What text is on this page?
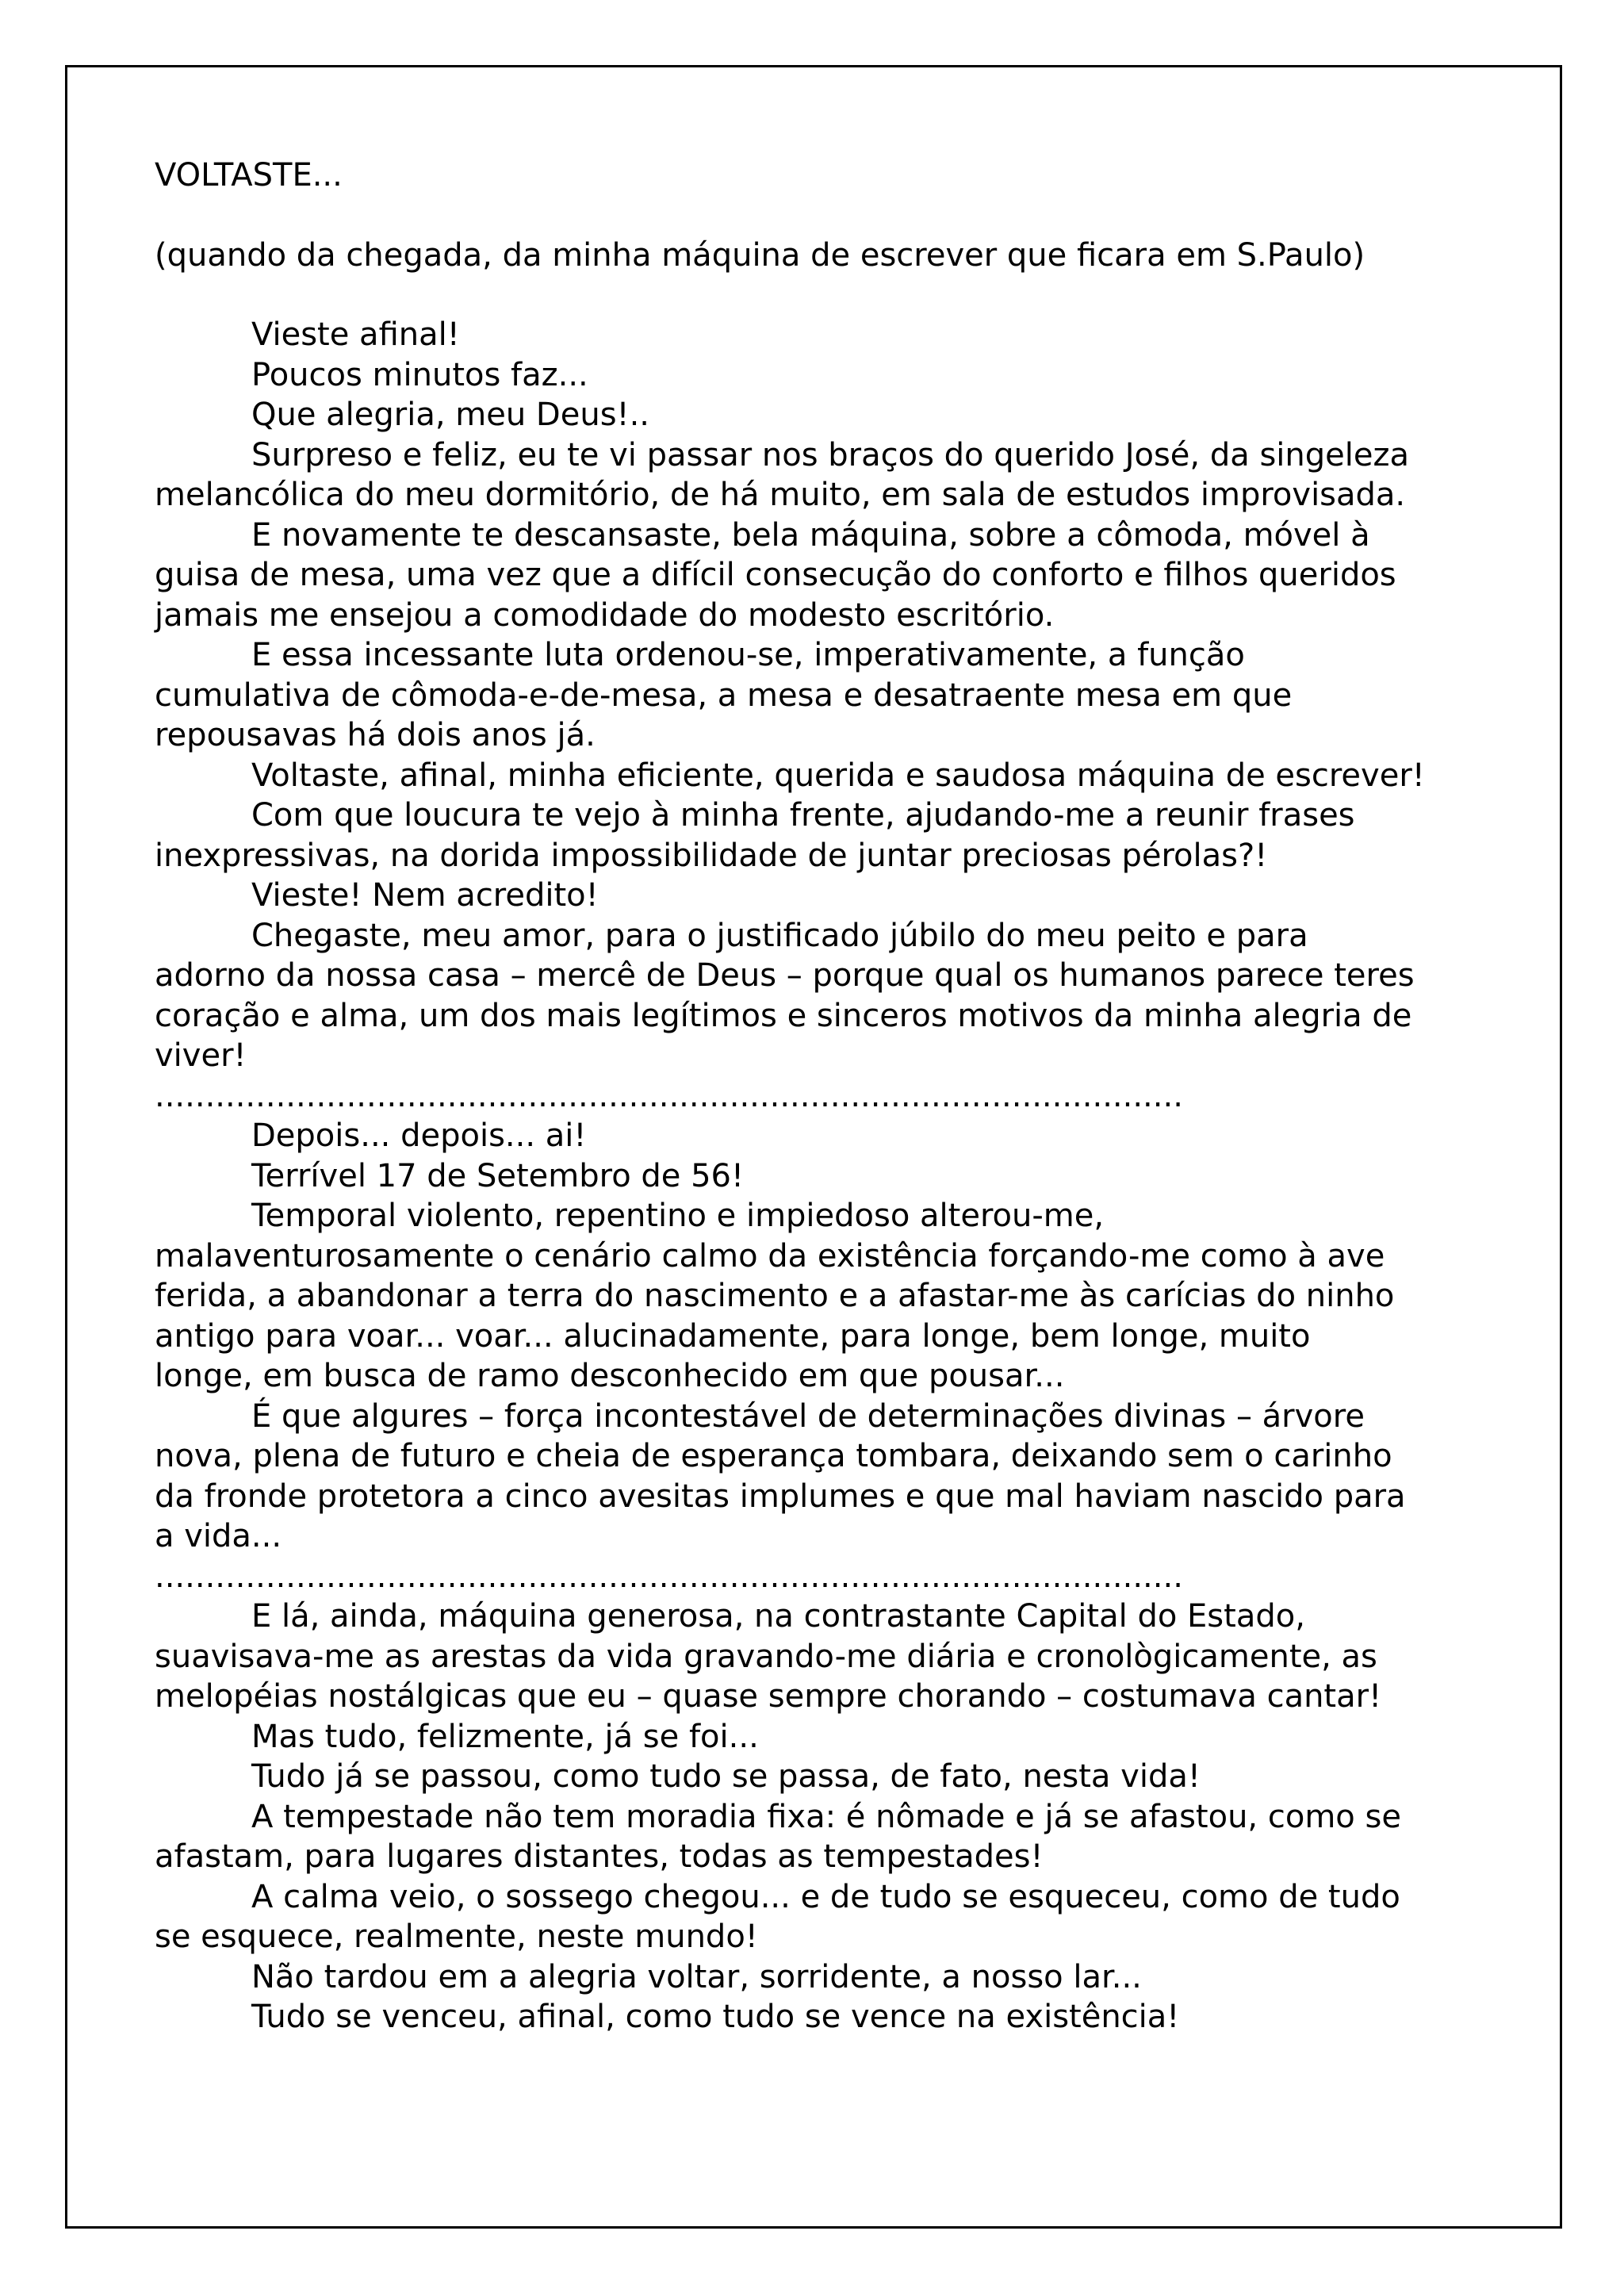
VOLTASTE...

(quando da chegada, da minha máquina de escrever que ficara em S.Paulo)

Vieste afinal!

Poucos minutos faz...

Que alegria, meu Deus!..

Surpreso e feliz, eu te vi passar nos braços do querido José, da singeleza

melancólica do meu dormitório, de há muito, em sala de estudos improvisada.

E novamente te descansaste, bela máquina, sobre a cômoda, móvel à

guisa de mesa, uma vez que a difícil consecução do conforto e filhos queridos

jamais me ensejou a comodidade do modesto escritório.

E essa incessante luta ordenou-se, imperativamente, a função

cumulativa de cômoda-e-de-mesa, a mesa e desatraente mesa em que

repousavas há dois anos já.

Voltaste, afinal, minha eficiente, querida e saudosa máquina de escrever!

Com que loucura te vejo à minha frente, ajudando-me a reunir frases

inexpressivas, na dorida impossibilidade de juntar preciosas pérolas?!

Vieste! Nem acredito!

Chegaste, meu amor, para o justificado júbilo do meu peito e para

adorno da nossa casa – mercê de Deus – porque qual os humanos parece teres

coração e alma, um dos mais legítimos e sinceros motivos da minha alegria de

viver!

......................................................................................................

Depois... depois... ai!

Terrível 17 de Setembro de 56!

Temporal violento, repentino e impiedoso alterou-me,

malaventurosamente o cenário calmo da existência forçando-me como à ave

ferida, a abandonar a terra do nascimento e a afastar-me às carícias do ninho

antigo para voar... voar... alucinadamente, para longe, bem longe, muito

longe, em busca de ramo desconhecido em que pousar...

É que algures – força incontestável de determinações divinas – árvore

nova, plena de futuro e cheia de esperança tombara, deixando sem o carinho

da fronde protetora a cinco avesitas implumes e que mal haviam nascido para

a vida...

......................................................................................................

E lá, ainda, máquina generosa, na contrastante Capital do Estado,

suavisava-me as arestas da vida gravando-me diária e cronològicamente, as

melopéias nostálgicas que eu – quase sempre chorando – costumava cantar!

Mas tudo, felizmente, já se foi...

Tudo já se passou, como tudo se passa, de fato, nesta vida!

A tempestade não tem moradia fixa: é nômade e já se afastou, como se

afastam, para lugares distantes, todas as tempestades!

A calma veio, o sossego chegou... e de tudo se esqueceu, como de tudo

se esquece, realmente, neste mundo!

Não tardou em a alegria voltar, sorridente, a nosso lar...

Tudo se venceu, afinal, como tudo se vence na existência!
